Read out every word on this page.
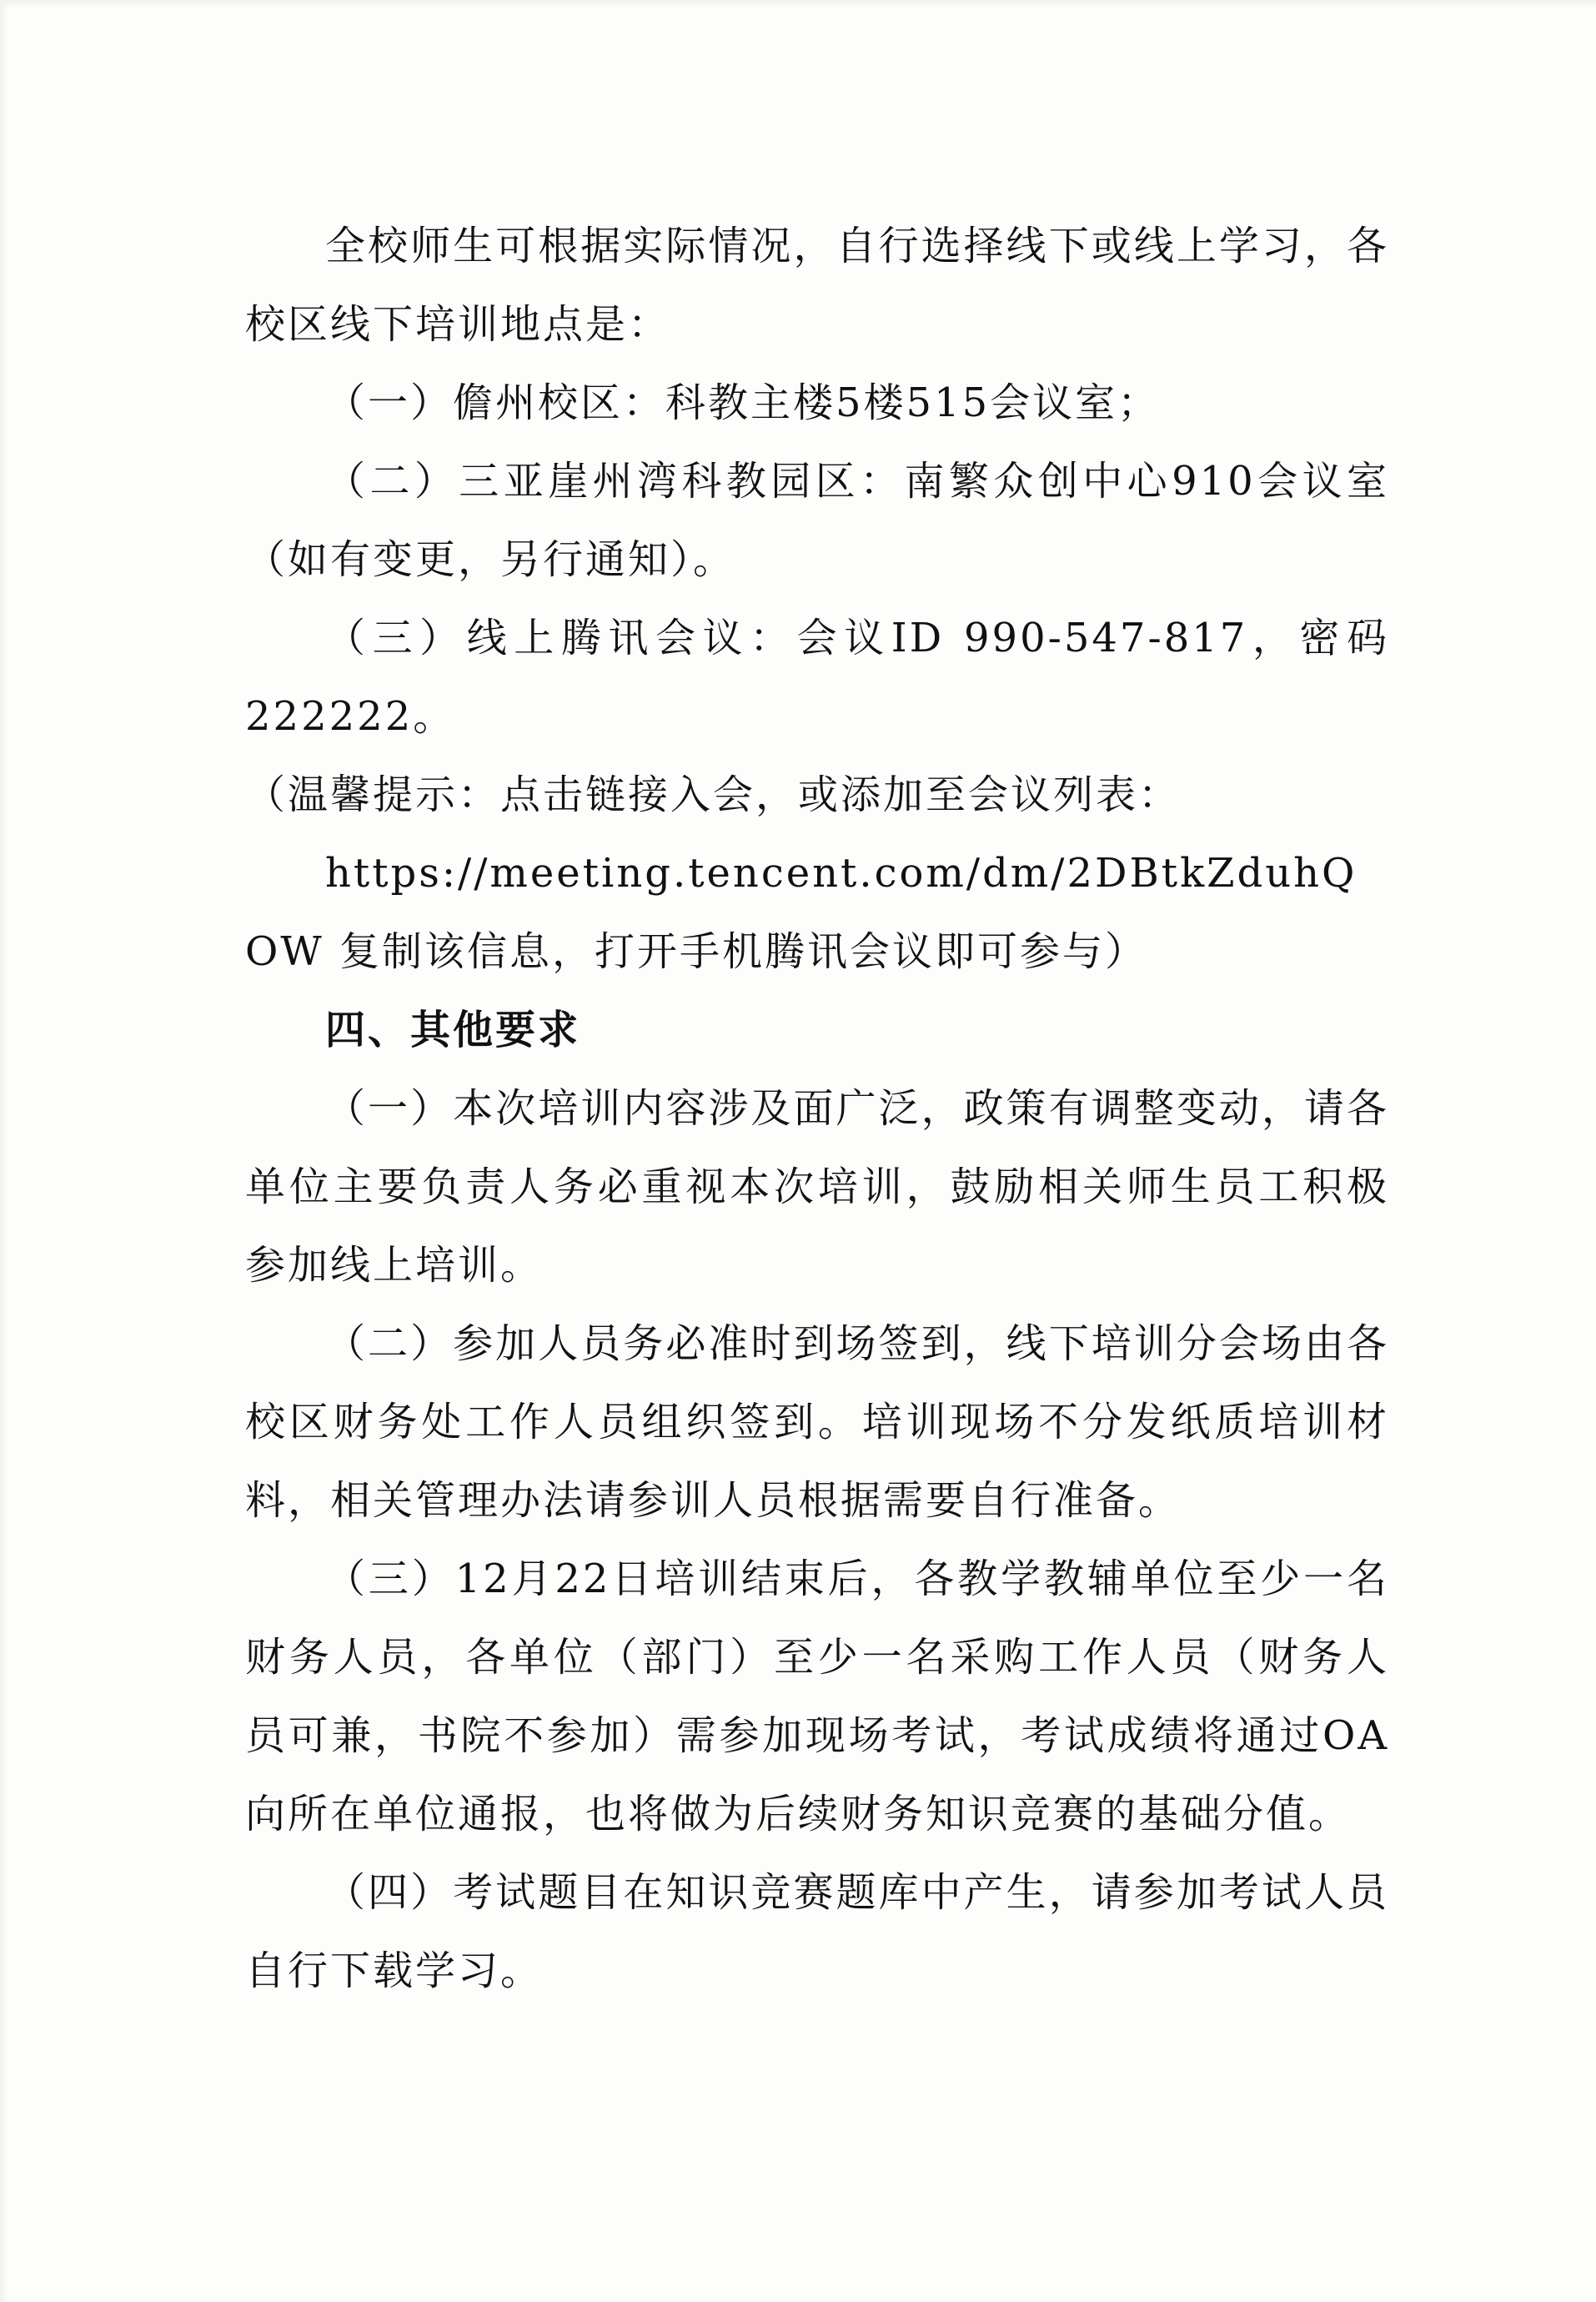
全校师生可根据实际情况，自行选择线下或线上学习，各校区线下培训地点是：

（一）儋州校区：科教主楼5楼515会议室；

（二）三亚崖州湾科教园区：南繁众创中心910会议室（如有变更，另行通知）。

（三）线上腾讯会议：会议ID 990-547-817，密码222222。

（温馨提示：点击链接入会，或添加至会议列表：

https://meeting.tencent.com/dm/2DBtkZduhQOW 复制该信息，打开手机腾讯会议即可参与）

四、其他要求

（一）本次培训内容涉及面广泛，政策有调整变动，请各单位主要负责人务必重视本次培训，鼓励相关师生员工积极参加线上培训。

（二）参加人员务必准时到场签到，线下培训分会场由各校区财务处工作人员组织签到。培训现场不分发纸质培训材料，相关管理办法请参训人员根据需要自行准备。

（三）12月22日培训结束后，各教学教辅单位至少一名财务人员，各单位（部门）至少一名采购工作人员（财务人员可兼，书院不参加）需参加现场考试，考试成绩将通过OA向所在单位通报，也将做为后续财务知识竞赛的基础分值。

（四）考试题目在知识竞赛题库中产生，请参加考试人员自行下载学习。
